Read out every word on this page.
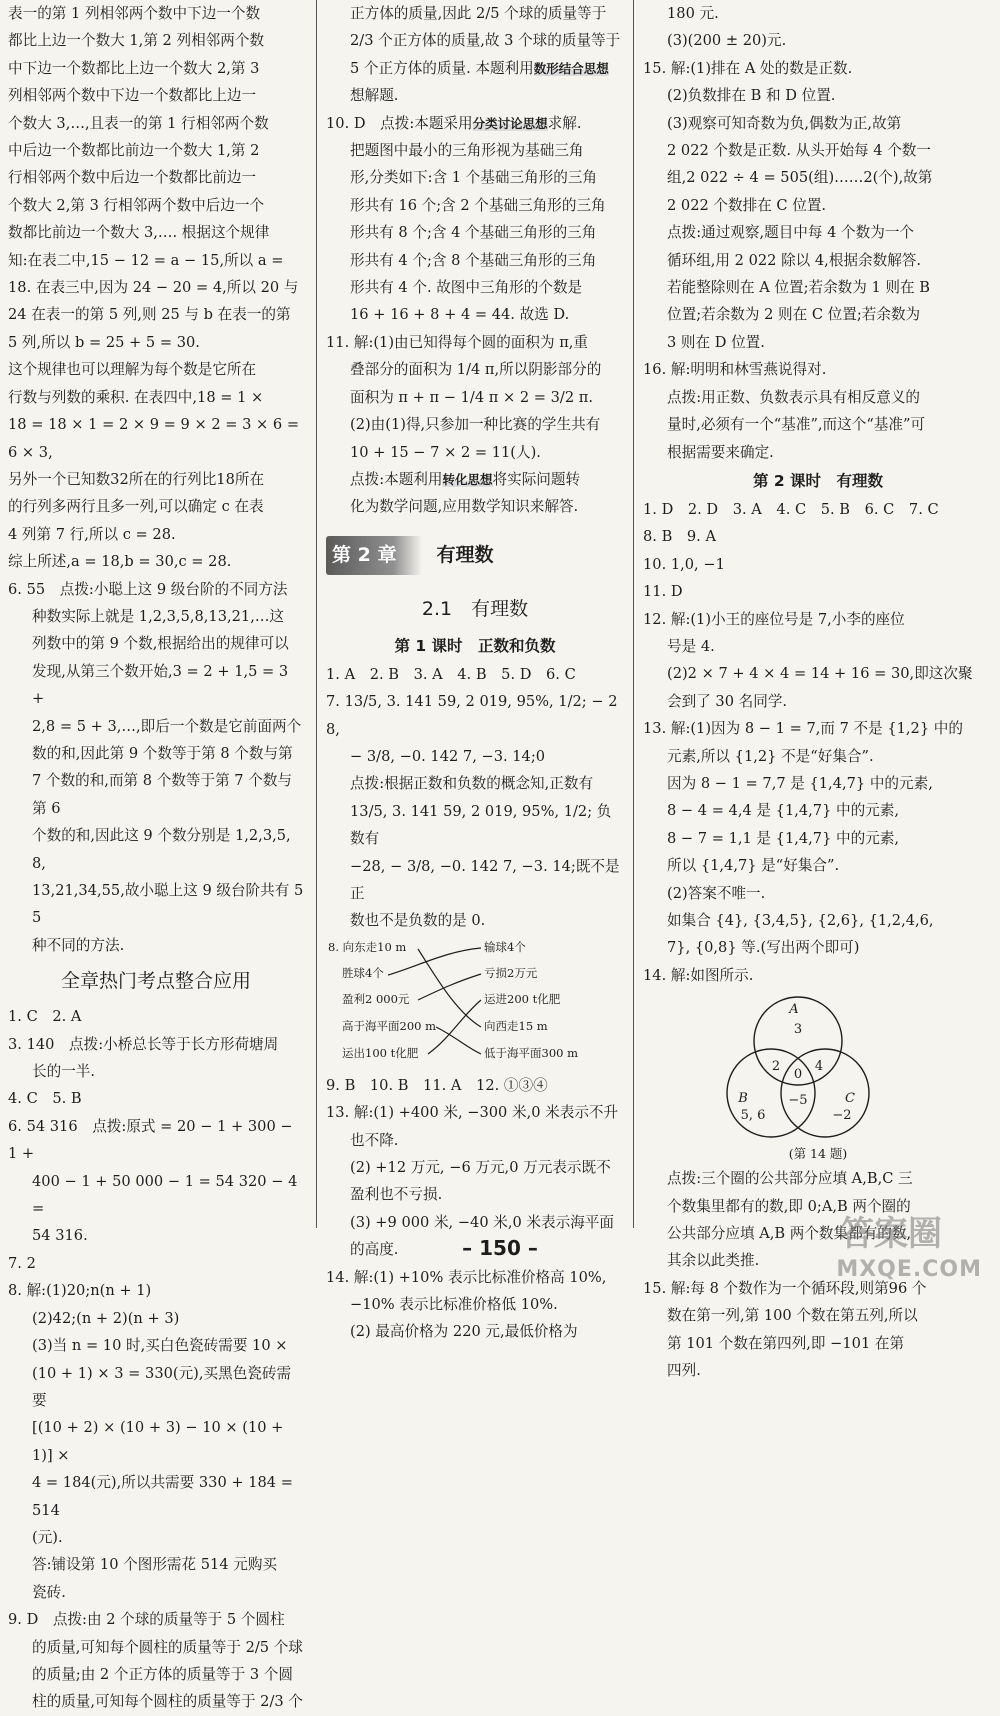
表一的第 1 列相邻两个数中下边一个数

都比上边一个数大 1,第 2 列相邻两个数

中下边一个数都比上边一个数大 2,第 3

列相邻两个数中下边一个数都比上边一

个数大 3,…,且表一的第 1 行相邻两个数

中后边一个数都比前边一个数大 1,第 2

行相邻两个数中后边一个数都比前边一

个数大 2,第 3 行相邻两个数中后边一个

数都比前边一个数大 3,…. 根据这个规律

知:在表二中,15 − 12 = a − 15,所以 a =

18. 在表三中,因为 24 − 20 = 4,所以 20 与

24 在表一的第 5 列,则 25 与 b 在表一的第

5 列,所以 b = 25 + 5 = 30.

这个规律也可以理解为每个数是它所在

行数与列数的乘积. 在表四中,18 = 1 ×

18 = 18 × 1 = 2 × 9 = 9 × 2 = 3 × 6 = 6 × 3,

另外一个已知数32所在的行列比18所在

的行列多两行且多一列,可以确定 c 在表

4 列第 7 行,所以 c = 28.

综上所述,a = 18,b = 30,c = 28.

6. 55　点拨:小聪上这 9 级台阶的不同方法

种数实际上就是 1,2,3,5,8,13,21,…这

列数中的第 9 个数,根据给出的规律可以

发现,从第三个数开始,3 = 2 + 1,5 = 3 +

2,8 = 5 + 3,…,即后一个数是它前面两个

数的和,因此第 9 个数等于第 8 个数与第

7 个数的和,而第 8 个数等于第 7 个数与第 6

个数的和,因此这 9 个数分别是 1,2,3,5,8,

13,21,34,55,故小聪上这 9 级台阶共有 55

种不同的方法.

全章热门考点整合应用

1. C　2. A

3. 140　点拨:小桥总长等于长方形荷塘周

长的一半.

4. C　5. B

6. 54 316　点拨:原式 = 20 − 1 + 300 − 1 +

400 − 1 + 50 000 − 1 = 54 320 − 4 =

54 316.

7. 2

8. 解:(1)20;n(n + 1)

(2)42;(n + 2)(n + 3)

(3)当 n = 10 时,买白色瓷砖需要 10 ×

(10 + 1) × 3 = 330(元),买黑色瓷砖需要

[(10 + 2) × (10 + 3) − 10 × (10 + 1)] ×

4 = 184(元),所以共需要 330 + 184 = 514

(元).

答:铺设第 10 个图形需花 514 元购买

瓷砖.

9. D　点拨:由 2 个球的质量等于 5 个圆柱

的质量,可知每个圆柱的质量等于 2/5 个球

的质量;由 2 个正方体的质量等于 3 个圆

柱的质量,可知每个圆柱的质量等于 2/3 个

正方体的质量,因此 2/5 个球的质量等于

2/3 个正方体的质量,故 3 个球的质量等于

5 个正方体的质量. 本题利用数形结合思想

想解题.

10. D　点拨:本题采用分类讨论思想求解.

把题图中最小的三角形视为基础三角

形,分类如下:含 1 个基础三角形的三角

形共有 16 个;含 2 个基础三角形的三角

形共有 8 个;含 4 个基础三角形的三角

形共有 4 个;含 8 个基础三角形的三角

形共有 4 个. 故图中三角形的个数是

16 + 16 + 8 + 4 = 44. 故选 D.

11. 解:(1)由已知得每个圆的面积为 π,重

叠部分的面积为 1/4 π,所以阴影部分的

面积为 π + π − 1/4 π × 2 = 3/2 π.

(2)由(1)得,只参加一种比赛的学生共有

10 + 15 − 7 × 2 = 11(人).

点拨:本题利用转化思想将实际问题转

化为数学问题,应用数学知识来解答.

第 2 章	有理数

2.1　有理数

第 1 课时　正数和负数

1. A　2. B　3. A　4. B　5. D　6. C

7. 13/5, 3. 141 59, 2 019, 95%, 1/2; − 28,

− 3/8, −0. 142 7, −3. 14;0

点拨:根据正数和负数的概念知,正数有

13/5, 3. 141 59, 2 019, 95%, 1/2; 负数有

−28, − 3/8, −0. 142 7, −3. 14;既不是正

数也不是负数的是 0.

8. 向东走10 m
胜球4个
盈利2 000元
高于海平面200 m
运出100 t化肥
输球4个
亏损2万元
运进200 t化肥
向西走15 m
低于海平面300 m

9. B　10. B　11. A　12. ①③④

13. 解:(1) +400 米, −300 米,0 米表示不升

也不降.

(2) +12 万元, −6 万元,0 万元表示既不

盈利也不亏损.

(3) +9 000 米, −40 米,0 米表示海平面

的高度.

14. 解:(1) +10% 表示比标准价格高 10%,

−10% 表示比标准价格低 10%.

(2) 最高价格为 220 元,最低价格为

180 元.

(3)(200 ± 20)元.

15. 解:(1)排在 A 处的数是正数.

(2)负数排在 B 和 D 位置.

(3)观察可知奇数为负,偶数为正,故第

2 022 个数是正数. 从头开始每 4 个数一

组,2 022 ÷ 4 = 505(组)……2(个),故第

2 022 个数排在 C 位置.

点拨:通过观察,题目中每 4 个数为一个

循环组,用 2 022 除以 4,根据余数解答.

若能整除则在 A 位置;若余数为 1 则在 B

位置;若余数为 2 则在 C 位置;若余数为

3 则在 D 位置.

16. 解:明明和林雪燕说得对.

点拨:用正数、负数表示具有相反意义的

量时,必须有一个“基准”,而这个“基准”可

根据需要来确定.

第 2 课时　有理数

1. D　2. D　3. A　4. C　5. B　6. C　7. C

8. B　9. A

10. 1,0, −1

11. D

12. 解:(1)小王的座位号是 7,小李的座位

号是 4.

(2)2 × 7 + 4 × 4 = 14 + 16 = 30,即这次聚

会到了 30 名同学.

13. 解:(1)因为 8 − 1 = 7,而 7 不是 {1,2} 中的

元素,所以 {1,2} 不是“好集合”.

因为 8 − 1 = 7,7 是 {1,4,7} 中的元素,

8 − 4 = 4,4 是 {1,4,7} 中的元素,

8 − 7 = 1,1 是 {1,4,7} 中的元素,

所以 {1,4,7} 是“好集合”.

(2)答案不唯一.

如集合 {4}, {3,4,5}, {2,6}, {1,2,4,6,

7}, {0,8} 等.(写出两个即可)

14. 解:如图所示.

A
3
2	4
0
−5
B
5, 6
C
−2

(第 14 题)

点拨:三个圈的公共部分应填 A,B,C 三

个数集里都有的数,即 0;A,B 两个圈的

公共部分应填 A,B 两个数集都有的数,

其余以此类推.

15. 解:每 8 个数作为一个循环段,则第96 个

数在第一列,第 100 个数在第五列,所以

第 101 个数在第四列,即 −101 在第

四列.

– 150 –	答案圈
MXQE.COM
